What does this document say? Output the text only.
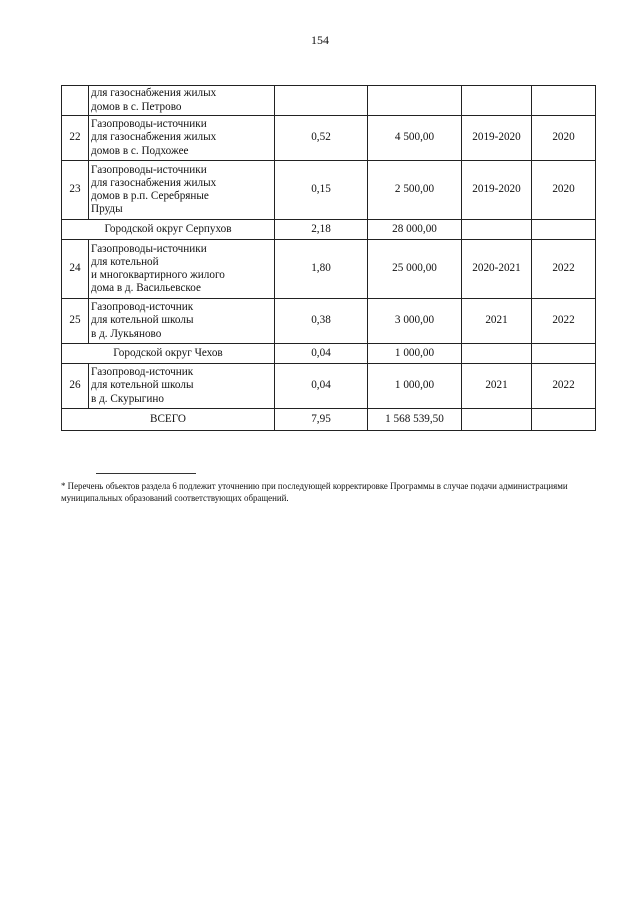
154

	для газоснабжения жилых
домов в с. Петрово				

22	Газопроводы-источники
для газоснабжения жилых
домов в с. Подхожее	0,52	4 500,00	2019-2020	2020
23	Газопроводы-источники
для газоснабжения жилых
домов в р.п. Серебряные
Пруды	0,15	2 500,00	2019-2020	2020
Городской округ Серпухов		2,18	28 000,00		
24	Газопроводы-источники
для котельной
и многоквартирного жилого
дома в д. Васильевское	1,80	25 000,00	2020-2021	2022
25	Газопровод-источник
для котельной школы
в д. Лукьяново	0,38	3 000,00	2021	2022
Городской округ Чехов		0,04	1 000,00		
26	Газопровод-источник
для котельной школы
в д. Скурыгино	0,04	1 000,00	2021	2022
ВСЕГО		7,95	1 568 539,50		
* Перечень объектов раздела 6 подлежит уточнению при последующей корректировке Программы в случае подачи администрациями муниципальных образований соответствующих обращений.
